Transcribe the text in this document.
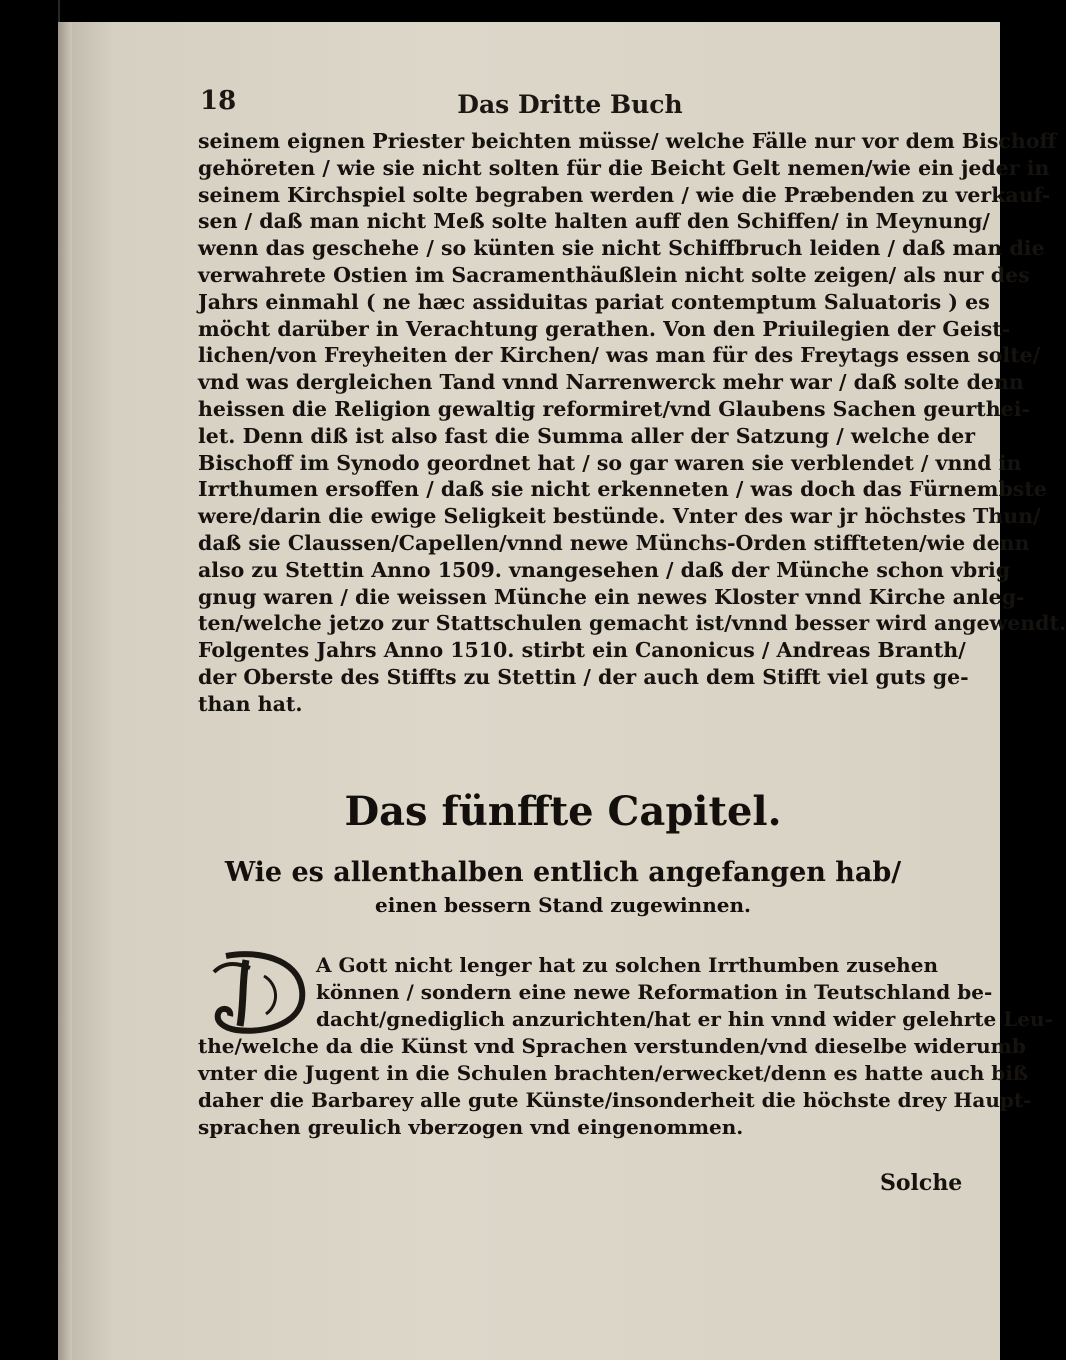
18	Das Dritte Buch
seinem eignen Priester beichten müsse/ welche Fälle nur vor dem Bischoff
gehöreten / wie sie nicht solten für die Beicht Gelt nemen/wie ein jeder in
seinem Kirchspiel solte begraben werden / wie die Præbenden zu verkauf-
sen / daß man nicht Meß solte halten auff den Schiffen/ in Meynung/
wenn das geschehe / so künten sie nicht Schiffbruch leiden / daß man die
verwahrete Ostien im Sacramenthäußlein nicht solte zeigen/ als nur des
Jahrs einmahl ( ne hæc assiduitas pariat contemptum Saluatoris ) es
möcht darüber in Verachtung gerathen. Von den Priuilegien der Geist-
lichen/von Freyheiten der Kirchen/ was man für des Freytags essen solte/
vnd was dergleichen Tand vnnd Narrenwerck mehr war / daß solte denn
heissen die Religion gewaltig reformiret/vnd Glaubens Sachen geurthei-
let. Denn diß ist also fast die Summa aller der Satzung / welche der
Bischoff im Synodo geordnet hat / so gar waren sie verblendet / vnnd in
Irrthumen ersoffen / daß sie nicht erkenneten / was doch das Fürnembste
were/darin die ewige Seligkeit bestünde. Vnter des war jr höchstes Thun/
daß sie Claussen/Capellen/vnnd newe Münchs-Orden stiffteten/wie denn
also zu Stettin Anno 1509. vnangesehen / daß der Münche schon vbrig
gnug waren / die weissen Münche ein newes Kloster vnnd Kirche anleg-
ten/welche jetzo zur Stattschulen gemacht ist/vnnd besser wird angewendt.
Folgentes Jahrs Anno 1510. stirbt ein Canonicus / Andreas Branth/
der Oberste des Stiffts zu Stettin / der auch dem Stifft viel guts ge-
than hat.
Das fünffte Capitel.
Wie es allenthalben entlich angefangen hab/
einen bessern Stand zugewinnen.
A Gott nicht lenger hat zu solchen Irrthumben zusehen
können / sondern eine newe Reformation in Teutschland be-
dacht/gnediglich anzurichten/hat er hin vnnd wider gelehrte Leu-
the/welche da die Künst vnd Sprachen verstunden/vnd dieselbe widerumb
vnter die Jugent in die Schulen brachten/erwecket/denn es hatte auch biß
daher die Barbarey alle gute Künste/insonderheit die höchste drey Haupt-
sprachen greulich vberzogen vnd eingenommen.
Solche
